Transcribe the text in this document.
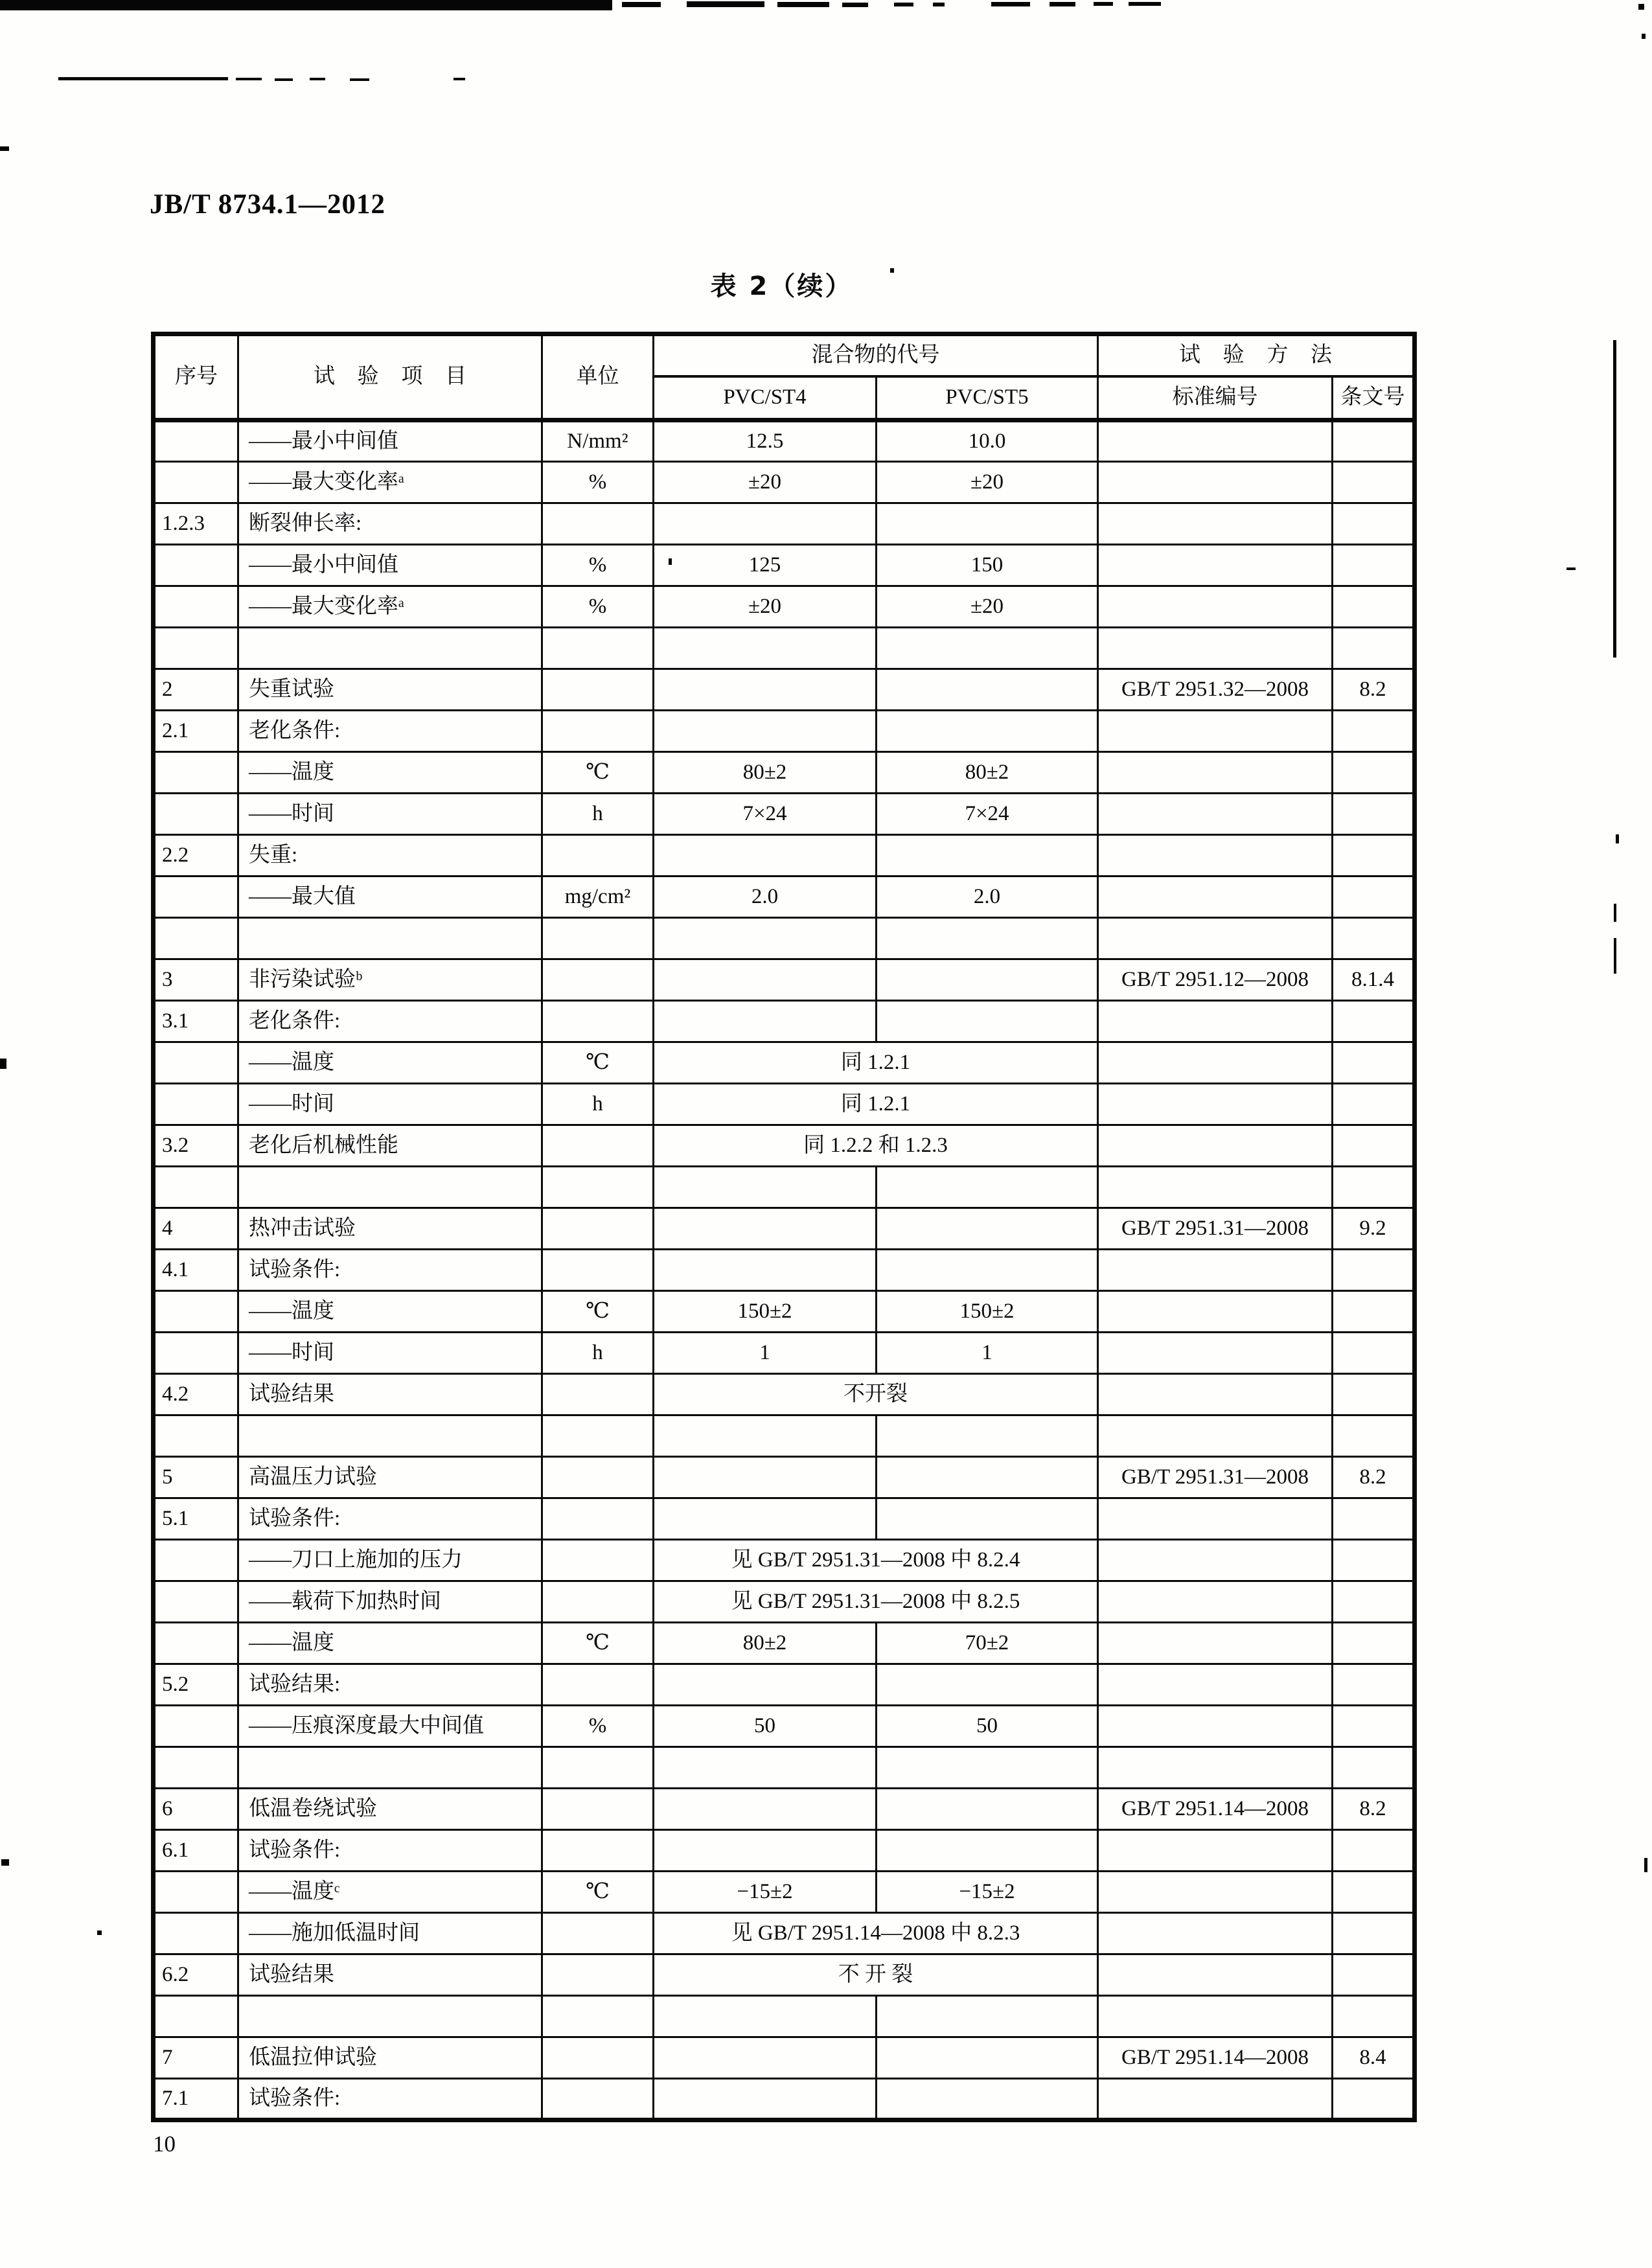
JB/T 8734.1—2012
表 2（续）
序号	试 验 项 目	单位	混合物的代号		试 验 方 法	
			PVC/ST4	PVC/ST5	标准编号	条文号
	——最小中间值	N/mm²	12.5	10.0		
	——最大变化率ᵃ	%	±20	±20		
1.2.3	断裂伸长率:					
	——最小中间值	%	125	150		
	——最大变化率ᵃ	%	±20	±20		

2	失重试验				GB/T 2951.32—2008	8.2
2.1	老化条件:					
	——温度	℃	80±2	80±2		
	——时间	h	7×24	7×24		
2.2	失重:					
	——最大值	mg/cm²	2.0	2.0		

3	非污染试验ᵇ				GB/T 2951.12—2008	8.1.4
3.1	老化条件:					
	——温度	℃	同 1.2.1			
	——时间	h	同 1.2.1			
3.2	老化后机械性能		同 1.2.2 和 1.2.3			

4	热冲击试验				GB/T 2951.31—2008	9.2
4.1	试验条件:					
	——温度	℃	150±2	150±2		
	——时间	h	1	1		
4.2	试验结果		不开裂			

5	高温压力试验				GB/T 2951.31—2008	8.2
5.1	试验条件:					
	——刀口上施加的压力		见 GB/T 2951.31—2008 中 8.2.4			
	——载荷下加热时间		见 GB/T 2951.31—2008 中 8.2.5			
	——温度	℃	80±2	70±2		
5.2	试验结果:					
	——压痕深度最大中间值	%	50	50		

6	低温卷绕试验				GB/T 2951.14—2008	8.2
6.1	试验条件:					
	——温度ᶜ	℃	−15±2	−15±2		
	——施加低温时间		见 GB/T 2951.14—2008 中 8.2.3			
6.2	试验结果		不 开 裂			

7	低温拉伸试验				GB/T 2951.14—2008	8.4
7.1	试验条件:					
10
